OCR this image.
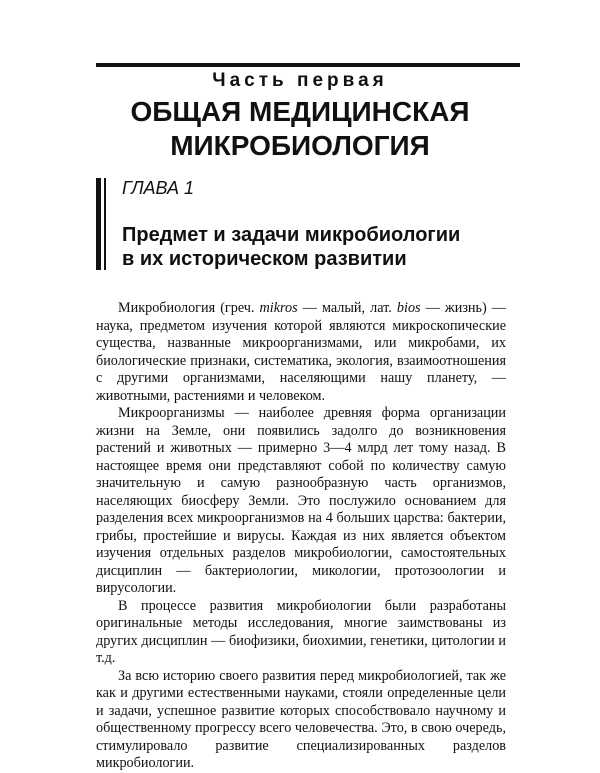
Часть первая
ОБЩАЯ МЕДИЦИНСКАЯ
МИКРОБИОЛОГИЯ
ГЛАВА 1
Предмет и задачи микробиологии
в их историческом развитии

Микробиология (греч. mikros — малый, лат. bios — жизнь) — наука, предметом изучения которой являются микроскопические существа, названные микроорганизмами, или микробами, их биологические признаки, систематика, экология, взаимоотношения с другими организмами, населяющими нашу планету, — животными, растениями и человеком.

Микроорганизмы — наиболее древняя форма организации жизни на Земле, они появились задолго до возникновения растений и животных — примерно 3—4 млрд лет тому назад. В настоящее время они представляют собой по количеству самую значительную и самую разнообразную часть организмов, населяющих биосферу Земли. Это послужило основанием для разделения всех микроорганизмов на 4 больших царства: бактерии, грибы, простейшие и вирусы. Каждая из них является объектом изучения отдельных разделов микробиологии, самостоятельных дисциплин — бактериологии, микологии, протозоологии и вирусологии.

В процессе развития микробиологии были разработаны оригинальные методы исследования, многие заимствованы из других дисциплин — биофизики, биохимии, генетики, цитологии и т.д.

За всю историю своего развития перед микробиологией, так же как и другими естественными науками, стояли определенные цели и задачи, успешное развитие которых способствовало научному и общественному прогрессу всего человечества. Это, в свою очередь, стимулировало развитие специализированных разделов микробиологии.
